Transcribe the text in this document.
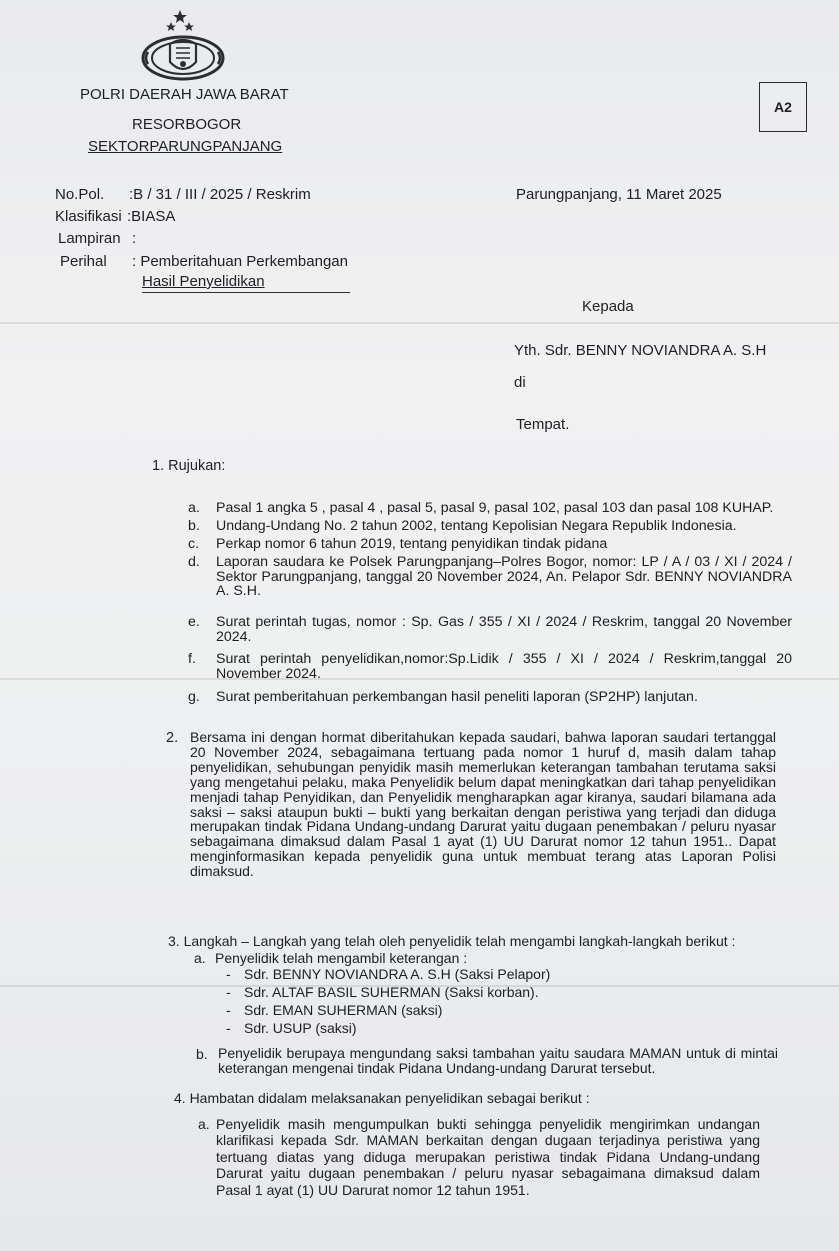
POLRI DAERAH JAWA BARAT
RESORBOGOR
SEKTORPARUNGPANJANG
A2
No.Pol. :B / 31 / III / 2025 / Reskrim	Parungpanjang, 11 Maret 2025
Klasifikasi :BIASA
Lampiran :
Perihal : Pemberitahuan Perkembangan
Hasil Penyelidikan
Kepada
Yth. Sdr. BENNY NOVIANDRA A. S.H
di
Tempat.
1. Rujukan:
a. Pasal 1 angka 5 , pasal 4 , pasal 5, pasal 9, pasal 102, pasal 103 dan pasal 108 KUHAP.
b. Undang-Undang No. 2 tahun 2002, tentang Kepolisian Negara Republik Indonesia.
c. Perkap nomor 6 tahun 2019, tentang penyidikan tindak pidana
d. Laporan saudara ke Polsek Parungpanjang–Polres Bogor, nomor: LP / A / 03 / XI / 2024 / Sektor Parungpanjang, tanggal 20 November 2024, An. Pelapor Sdr. BENNY NOVIANDRA A. S.H.
e. Surat perintah tugas, nomor : Sp. Gas / 355 / XI / 2024 / Reskrim, tanggal 20 November 2024.
f. Surat perintah penyelidikan,nomor:Sp.Lidik / 355 / XI / 2024 / Reskrim,tanggal 20 November 2024.
g. Surat pemberitahuan perkembangan hasil peneliti laporan (SP2HP) lanjutan.
2. Bersama ini dengan hormat diberitahukan kepada saudari, bahwa laporan saudari tertanggal 20 November 2024, sebagaimana tertuang pada nomor 1 huruf d, masih dalam tahap penyelidikan, sehubungan penyidik masih memerlukan keterangan tambahan terutama saksi yang mengetahui pelaku, maka Penyelidik belum dapat meningkatkan dari tahap penyelidikan menjadi tahap Penyidikan, dan Penyelidik mengharapkan agar kiranya, saudari bilamana ada saksi – saksi ataupun bukti – bukti yang berkaitan dengan peristiwa yang terjadi dan diduga merupakan tindak Pidana Undang-undang Darurat yaitu dugaan penembakan / peluru nyasar sebagaimana dimaksud dalam Pasal 1 ayat (1) UU Darurat nomor 12 tahun 1951.. Dapat menginformasikan kepada penyelidik guna untuk membuat terang atas Laporan Polisi dimaksud.
3. Langkah – Langkah yang telah oleh penyelidik telah mengambi langkah-langkah berikut :
a. Penyelidik telah mengambil keterangan :
- Sdr. BENNY NOVIANDRA A. S.H (Saksi Pelapor)
- Sdr. ALTAF BASIL SUHERMAN (Saksi korban).
- Sdr. EMAN SUHERMAN (saksi)
- Sdr. USUP (saksi)
b. Penyelidik berupaya mengundang saksi tambahan yaitu saudara MAMAN untuk di mintai keterangan mengenai tindak Pidana Undang-undang Darurat tersebut.
4. Hambatan didalam melaksanakan penyelidikan sebagai berikut :
a. Penyelidik masih mengumpulkan bukti sehingga penyelidik mengirimkan undangan klarifikasi kepada Sdr. MAMAN berkaitan dengan dugaan terjadinya peristiwa yang tertuang diatas yang diduga merupakan peristiwa tindak Pidana Undang-undang Darurat yaitu dugaan penembakan / peluru nyasar sebagaimana dimaksud dalam Pasal 1 ayat (1) UU Darurat nomor 12 tahun 1951.
